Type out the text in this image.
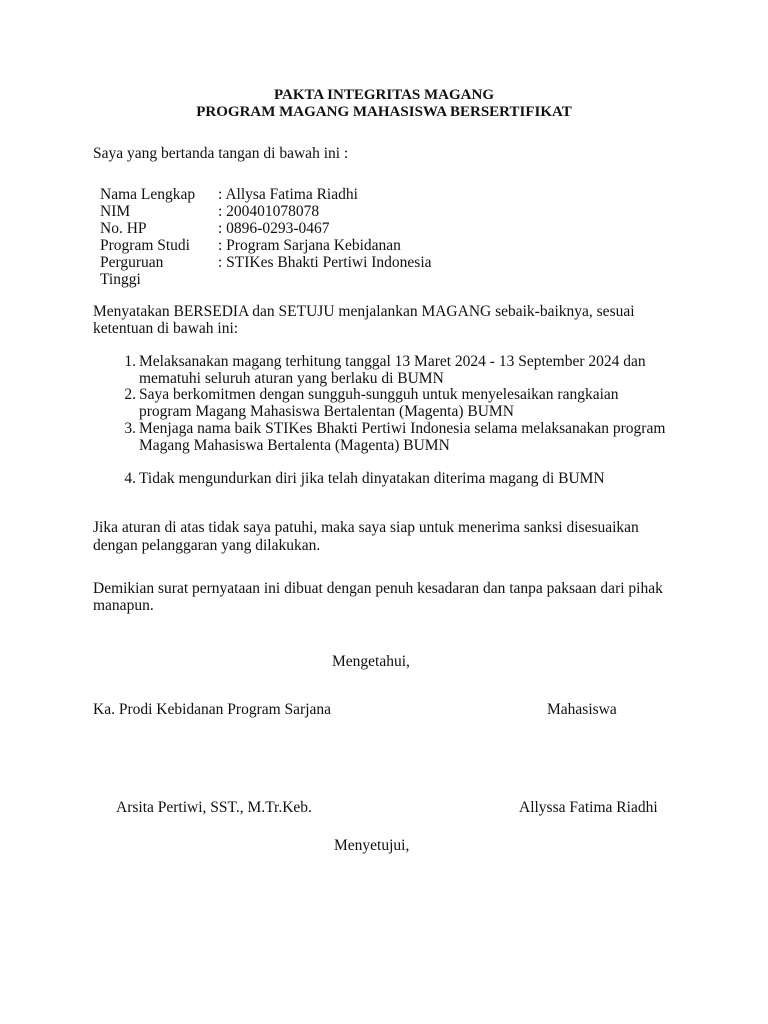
PAKTA INTEGRITAS MAGANG
PROGRAM MAGANG MAHASISWA BERSERTIFIKAT
Saya yang bertanda tangan di bawah ini :
Nama Lengkap : Allysa Fatima Riadhi
NIM	: 200401078078
No. HP	: 0896-0293-0467
Program Studi : Program Sarjana Kebidanan
Perguruan	: STIKes Bhakti Pertiwi Indonesia
Tinggi
Menyatakan BERSEDIA dan SETUJU menjalankan MAGANG sebaik-baiknya, sesuai
ketentuan di bawah ini:
1. Melaksanakan magang terhitung tanggal 13 Maret 2024 - 13 September 2024 dan
mematuhi seluruh aturan yang berlaku di BUMN
2. Saya berkomitmen dengan sungguh-sungguh untuk menyelesaikan rangkaian
program Magang Mahasiswa Bertalentan (Magenta) BUMN
3. Menjaga nama baik STIKes Bhakti Pertiwi Indonesia selama melaksanakan program
Magang Mahasiswa Bertalenta (Magenta) BUMN
4. Tidak mengundurkan diri jika telah dinyatakan diterima magang di BUMN
Jika aturan di atas tidak saya patuhi, maka saya siap untuk menerima sanksi disesuaikan
dengan pelanggaran yang dilakukan.
Demikian surat pernyataan ini dibuat dengan penuh kesadaran dan tanpa paksaan dari pihak
manapun.
Mengetahui,
Ka. Prodi Kebidanan Program Sarjana	Mahasiswa
Arsita Pertiwi, SST., M.Tr.Keb.	Allyssa Fatima Riadhi
Menyetujui,
